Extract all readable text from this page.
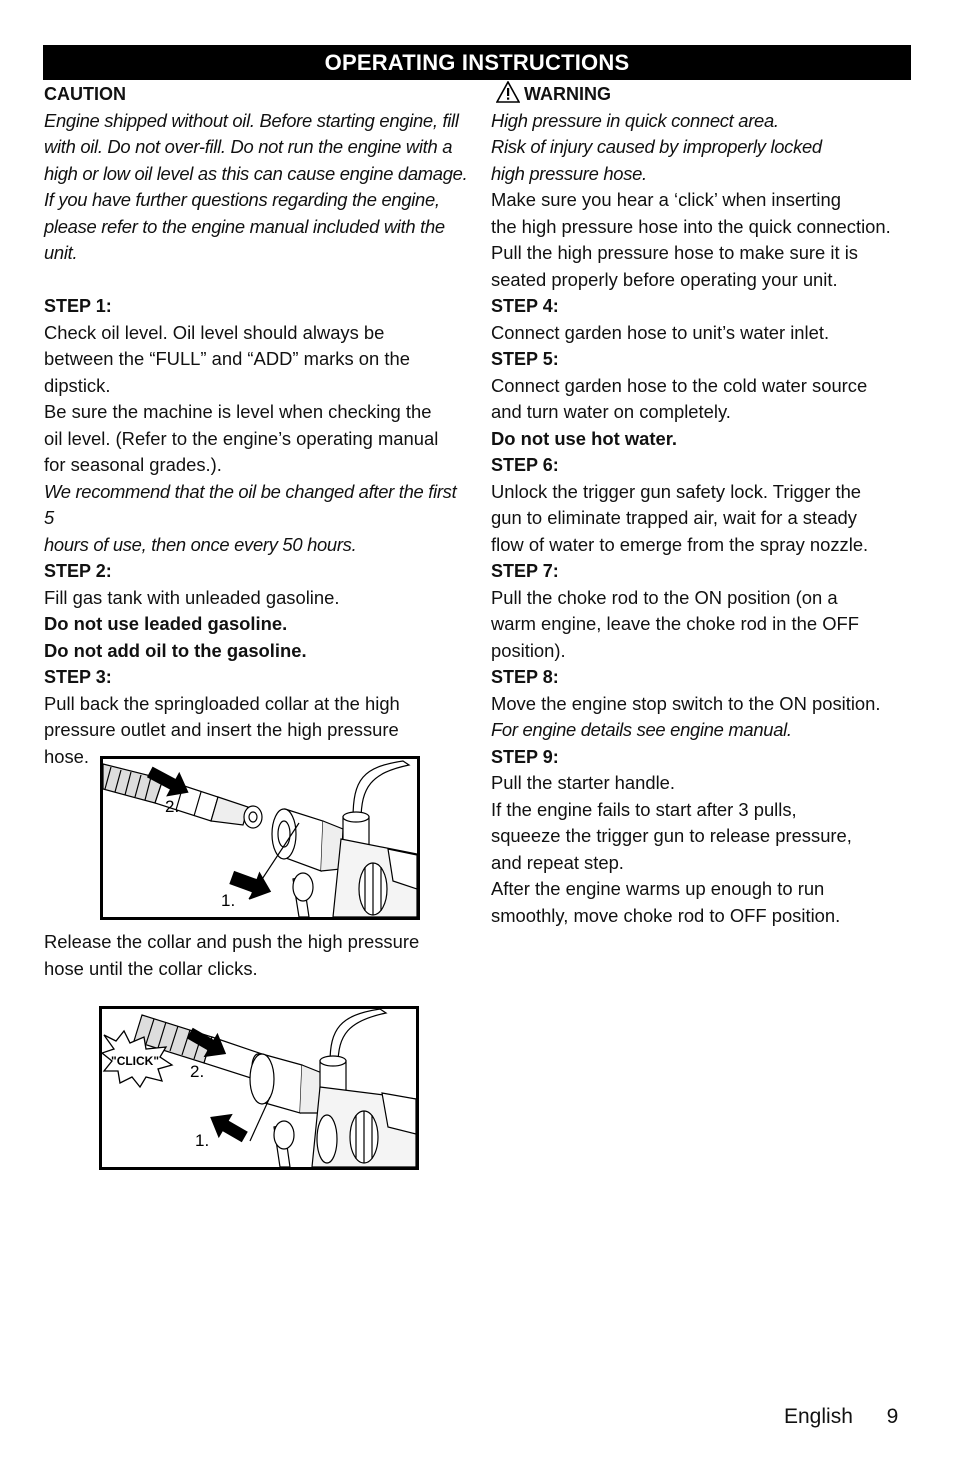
OPERATING INSTRUCTIONS

CAUTION

Engine shipped without oil. Before starting engine, fill

with oil. Do not over-fill. Do not run the engine with a

high or low oil level as this can cause engine damage.

If you have further questions regarding the engine,

please refer to the engine manual included with the

unit.

STEP 1:

Check oil level. Oil level should always be

between the “FULL” and “ADD” marks on the

dipstick.

Be sure the machine is level when checking the

oil level. (Refer to the engine’s operating manual

for seasonal grades.).

We recommend that the oil be changed after the first 5

hours of use, then once every 50 hours.

STEP 2:

Fill gas tank with unleaded gasoline.

Do not use leaded gasoline.

Do not add oil to the gasoline.

STEP 3:

Pull back the springloaded collar at the high

pressure outlet and insert the high pressure

hose.

2.
1.

Release the collar and push the high pressure

hose until the collar clicks.

"CLICK"
2.
1.

WARNING

High pressure in quick connect area.

Risk of injury caused by improperly locked

high pressure hose.

Make sure you hear a ‘click’ when inserting

the high pressure hose into the quick connection.

Pull the high pressure hose to make sure it is

seated properly before operating your unit.

STEP 4:

Connect garden hose to unit’s water inlet.

STEP 5:

Connect garden hose to the cold water source

and turn water on completely.

Do not use hot water.

STEP 6:

Unlock the trigger gun safety lock. Trigger the

gun to eliminate trapped air, wait for a steady

flow of water to emerge from the spray nozzle.

STEP 7:

Pull the choke rod to the ON position (on a

warm engine, leave the choke rod in the OFF

position).

STEP 8:

Move the engine stop switch to the ON position.

For engine details see engine manual.

STEP 9:

Pull the starter handle.

If the engine fails to start after 3 pulls,

squeeze the trigger gun to release pressure,

and repeat step.

After the engine warms up enough to run

smoothly, move choke rod to OFF position.

English 9
